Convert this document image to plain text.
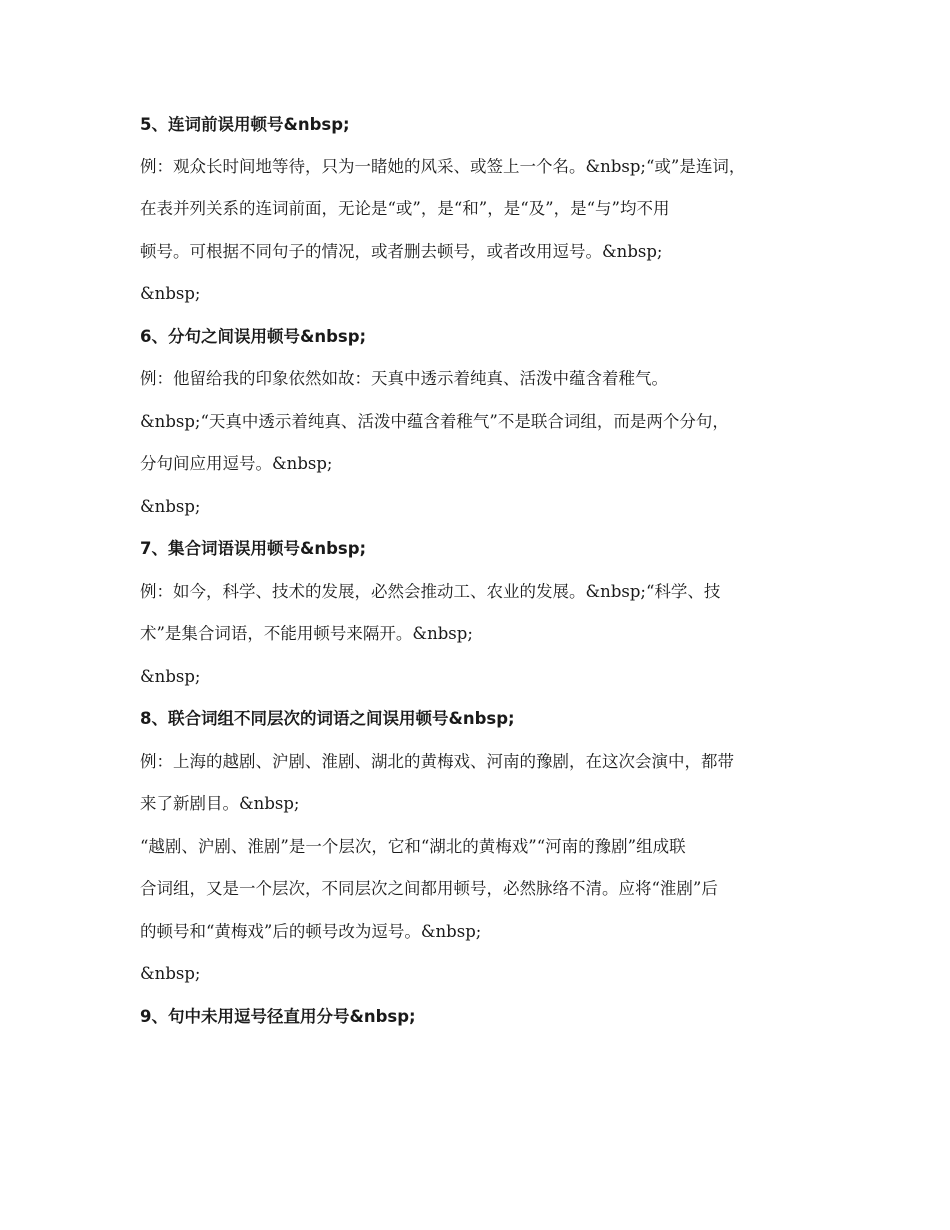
5、连词前误用顿号&nbsp;
例：观众长时间地等待，只为一睹她的风采、或签上一个名。&nbsp;“或”是连词，
在表并列关系的连词前面，无论是“或”，是“和”，是“及”，是“与”均不用
顿号。可根据不同句子的情况，或者删去顿号，或者改用逗号。&nbsp;
&nbsp;
6、分句之间误用顿号&nbsp;
例：他留给我的印象依然如故：天真中透示着纯真、活泼中蕴含着稚气。
&nbsp;“天真中透示着纯真、活泼中蕴含着稚气”不是联合词组，而是两个分句，
分句间应用逗号。&nbsp;
&nbsp;
7、集合词语误用顿号&nbsp;
例：如今，科学、技术的发展，必然会推动工、农业的发展。&nbsp;“科学、技
术”是集合词语，不能用顿号来隔开。&nbsp;
&nbsp;
8、联合词组不同层次的词语之间误用顿号&nbsp;
例：上海的越剧、沪剧、淮剧、湖北的黄梅戏、河南的豫剧，在这次会演中，都带
来了新剧目。&nbsp;
“越剧、沪剧、淮剧”是一个层次，它和“湖北的黄梅戏”“河南的豫剧”组成联
合词组，又是一个层次，不同层次之间都用顿号，必然脉络不清。应将“淮剧”后
的顿号和“黄梅戏”后的顿号改为逗号。&nbsp;
&nbsp;
9、句中未用逗号径直用分号&nbsp;
